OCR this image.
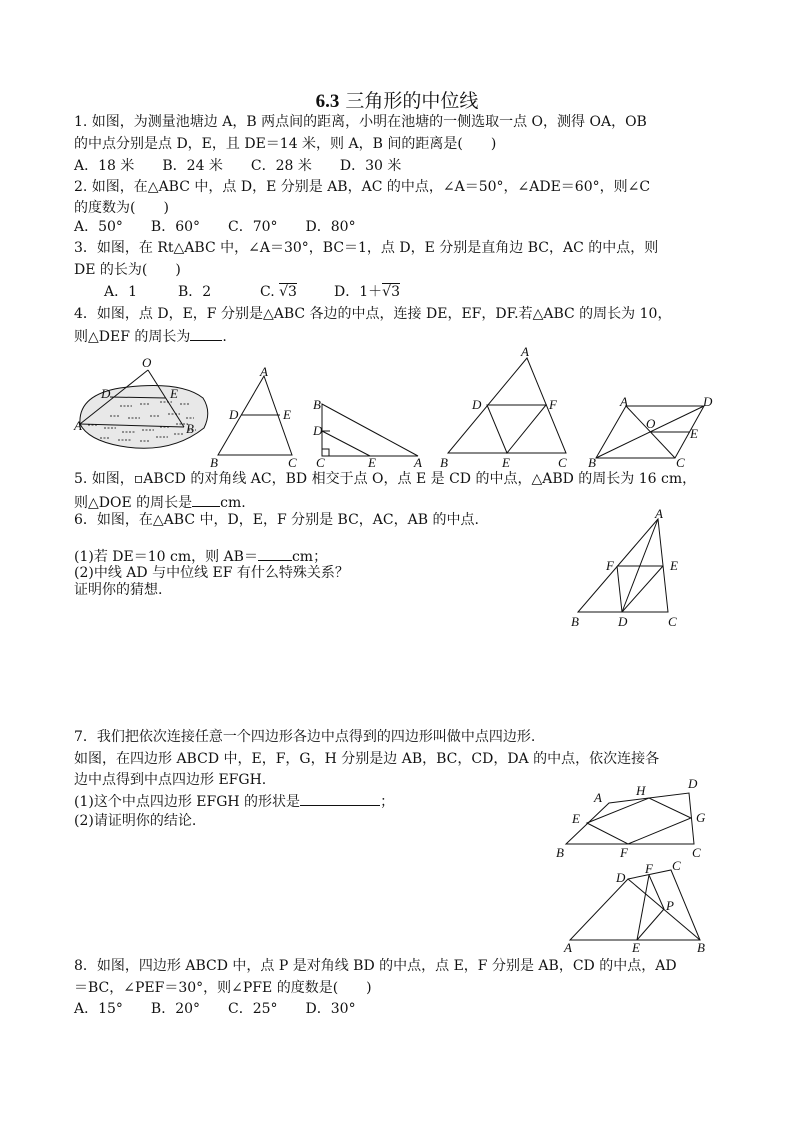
6.3 三角形的中位线
1. 如图，为测量池塘边 A，B 两点间的距离，小明在池塘的一侧选取一点 O，测得 OA，OB
的中点分别是点 D，E，且 DE＝14 米，则 A，B 间的距离是(　　)
A．18 米　　B．24 米　　C．28 米　　D．30 米
2. 如图，在△ABC 中，点 D，E 分别是 AB，AC 的中点，∠A＝50°，∠ADE＝60°，则∠C
的度数为(　　)
A．50°　　B．60°　　C．70°　　D．80°
3．如图，在 Rt△ABC 中，∠A＝30°，BC＝1，点 D，E 分别是直角边 BC，AC 的中点，则
DE 的长为(　　)
A．1	B．2	C. √3	D．1＋√3
4．如图，点 D，E，F 分别是△ABC 各边的中点，连接 DE，EF，DF.若△ABC 的周长为 10，
则△DEF 的周长为 .
5. 如图，▫ABCD 的对角线 AC，BD 相交于点 O，点 E 是 CD 的中点，△ABD 的周长为 16 cm，
则△DOE 的周长是 cm.
6．如图，在△ABC 中，D，E，F 分别是 BC，AC，AB 的中点.
(1)若 DE＝10 cm，则 AB＝ cm；
(2)中线 AD 与中位线 EF 有什么特殊关系？
证明你的猜想.
7．我们把依次连接任意一个四边形各边中点得到的四边形叫做中点四边形.
如图，在四边形 ABCD 中，E，F，G，H 分别是边 AB，BC，CD，DA 的中点，依次连接各
边中点得到中点四边形 EFGH.
(1)这个中点四边形 EFGH 的形状是	；
(2)请证明你的结论.
8．如图，四边形 ABCD 中，点 P 是对角线 BD 的中点，点 E，F 分别是 AB，CD 的中点，AD
＝BC，∠PEF＝30°，则∠PFE 的度数是(　　)
A．15°　　B．20°　　C．25°　　D．30°
O
D	E
A	B
A
D	E
B	C
B
D
C	E	A
A
D	F
B	E	C
A	D
O
E
B	C
A
F	E
B	D	C
A	H	D
G
E
B	F	C
D
F C
P
A	E	B
